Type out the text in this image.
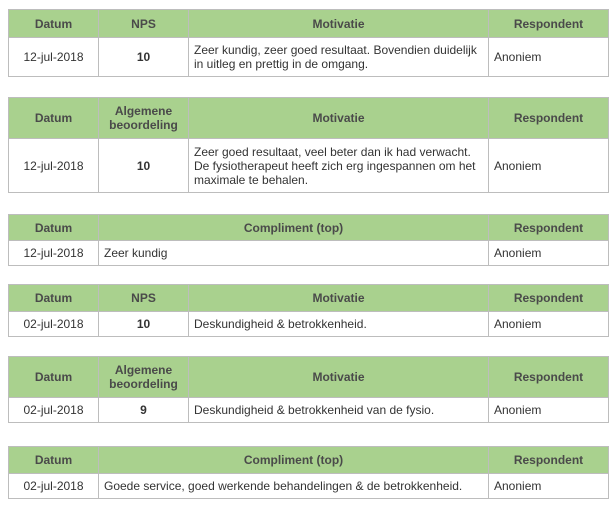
Datum	NPS	Motivatie	Respondent
12-jul-2018	10	Zeer kundig, zeer goed resultaat. Bovendien duidelijk in uitleg en prettig in de omgang.	Anoniem
Datum	Algemene beoordeling	Motivatie	Respondent
12-jul-2018	10	Zeer goed resultaat, veel beter dan ik had verwacht. De fysiotherapeut heeft zich erg ingespannen om het maximale te behalen.	Anoniem
Datum	Compliment (top)	Respondent
12-jul-2018	Zeer kundig	Anoniem
Datum	NPS	Motivatie	Respondent
02-jul-2018	10	Deskundigheid & betrokkenheid.	Anoniem
Datum	Algemene beoordeling	Motivatie	Respondent
02-jul-2018	9	Deskundigheid & betrokkenheid van de fysio.	Anoniem
Datum	Compliment (top)	Respondent
02-jul-2018	Goede service, goed werkende behandelingen & de betrokkenheid.	Anoniem
